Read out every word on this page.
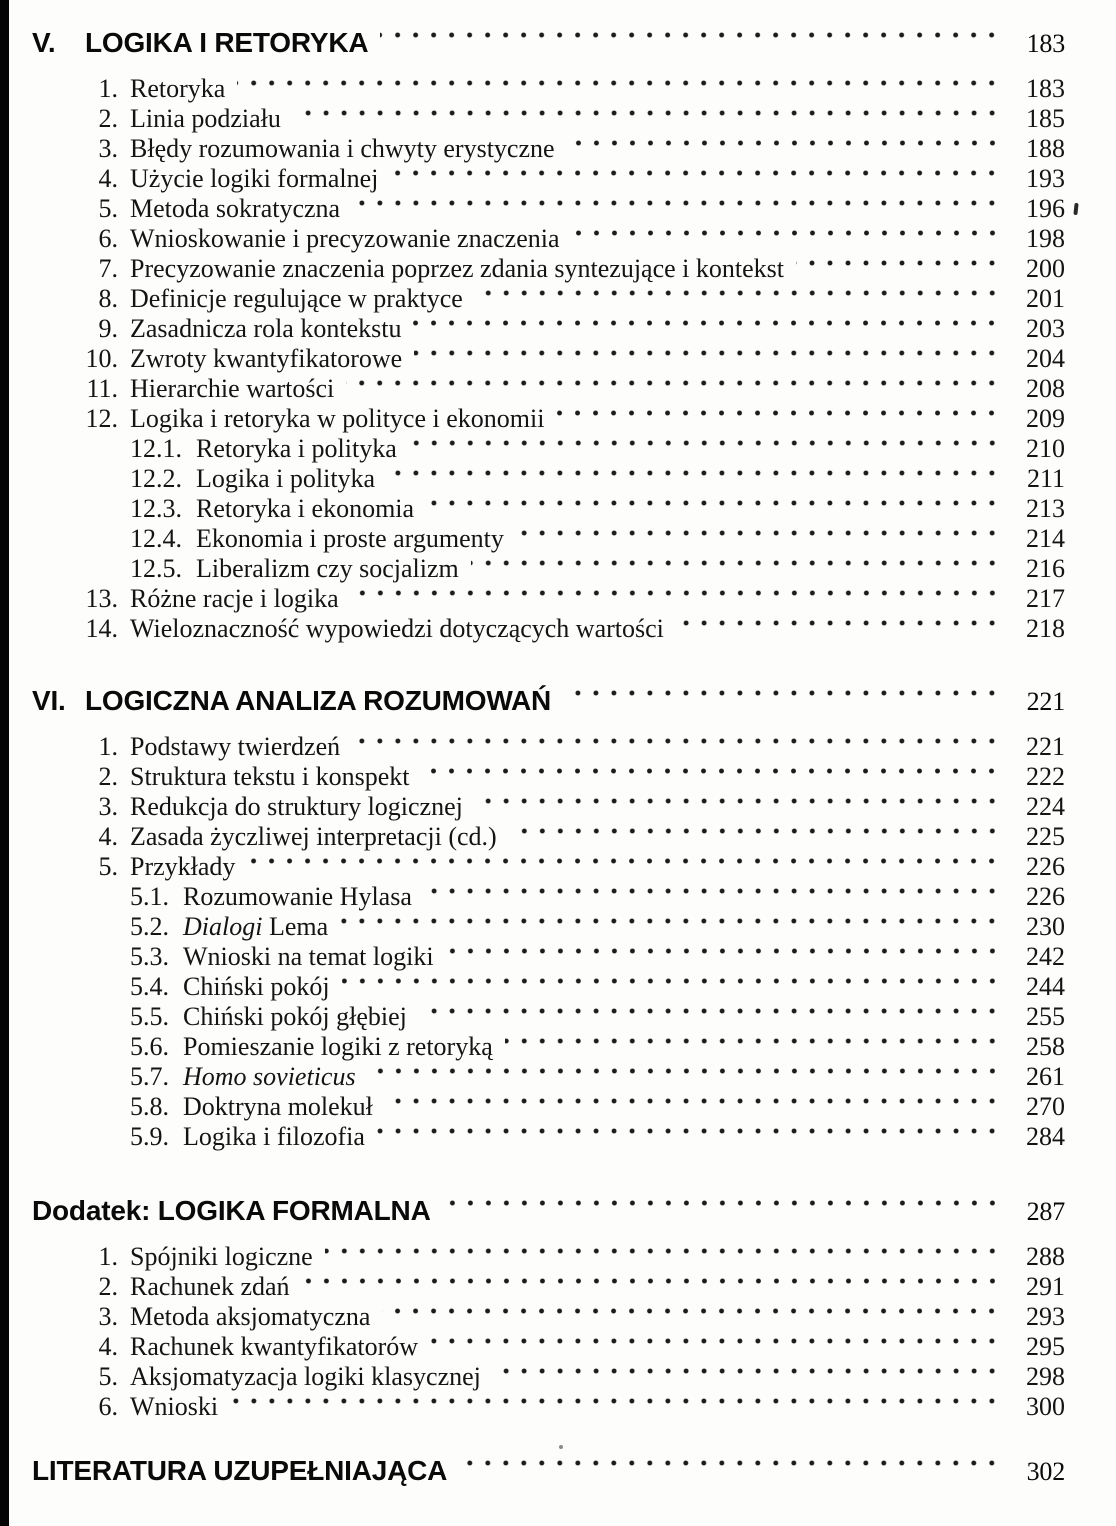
V.	LOGIKA I RETORYKA	183
1. Retoryka	183
2. Linia podziału	185
3. Błędy rozumowania i chwyty erystyczne	188
4. Użycie logiki formalnej	193
5. Metoda sokratyczna	196
6. Wnioskowanie i precyzowanie znaczenia	198
7. Precyzowanie znaczenia poprzez zdania syntezujące i kontekst	200
8. Definicje regulujące w praktyce	201
9. Zasadnicza rola kontekstu	203
10. Zwroty kwantyfikatorowe	204
11. Hierarchie wartości	208
12. Logika i retoryka w polityce i ekonomii	209
12.1. Retoryka i polityka	210
12.2. Logika i polityka	211
12.3. Retoryka i ekonomia	213
12.4. Ekonomia i proste argumenty	214
12.5. Liberalizm czy socjalizm	216
13. Różne racje i logika	217
14. Wieloznaczność wypowiedzi dotyczących wartości	218
VI. LOGICZNA ANALIZA ROZUMOWAŃ	221
1. Podstawy twierdzeń	221
2. Struktura tekstu i konspekt	222
3. Redukcja do struktury logicznej	224
4. Zasada życzliwej interpretacji (cd.)	225
5. Przykłady	226
5.1. Rozumowanie Hylasa	226
5.2. Dialogi Lema	230
5.3. Wnioski na temat logiki	242
5.4. Chiński pokój	244
5.5. Chiński pokój głębiej	255
5.6. Pomieszanie logiki z retoryką	258
5.7. Homo sovieticus	261
5.8. Doktryna molekuł	270
5.9. Logika i filozofia	284
Dodatek: LOGIKA FORMALNA	287
1. Spójniki logiczne	288
2. Rachunek zdań	291
3. Metoda aksjomatyczna	293
4. Rachunek kwantyfikatorów	295
5. Aksjomatyzacja logiki klasycznej	298
6. Wnioski	300
LITERATURA UZUPEŁNIAJĄCA	302
